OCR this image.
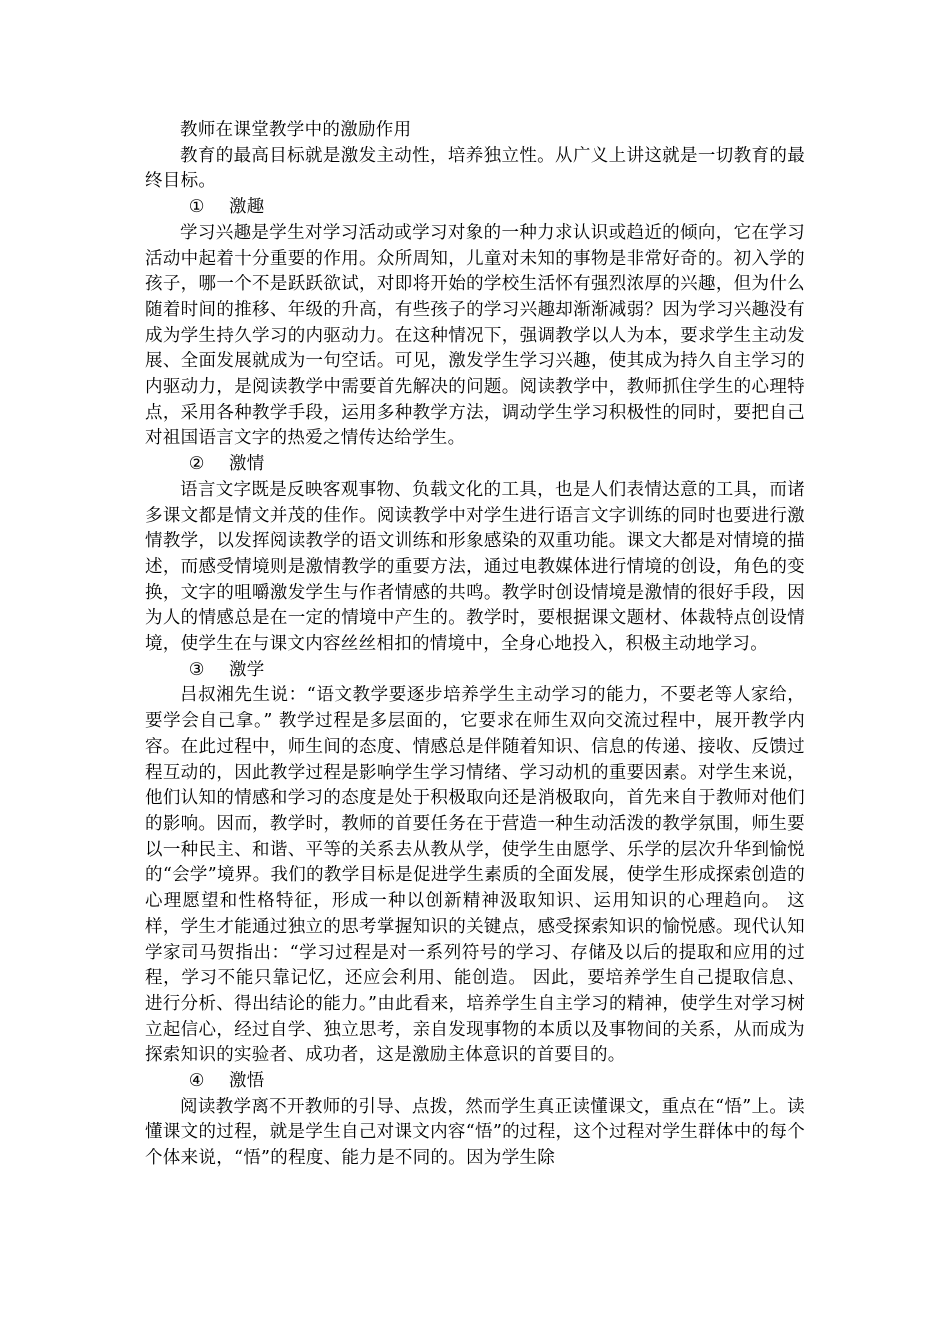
教师在课堂教学中的激励作用

教育的最高目标就是激发主动性，培养独立性。从广义上讲这就是一切教育的最终目标。

① 激趣

学习兴趣是学生对学习活动或学习对象的一种力求认识或趋近的倾向，它在学习活动中起着十分重要的作用。众所周知，儿童对未知的事物是非常好奇的。初入学的孩子，哪一个不是跃跃欲试，对即将开始的学校生活怀有强烈浓厚的兴趣，但为什么随着时间的推移、年级的升高，有些孩子的学习兴趣却渐渐减弱？因为学习兴趣没有成为学生持久学习的内驱动力。在这种情况下，强调教学以人为本，要求学生主动发展、全面发展就成为一句空话。可见，激发学生学习兴趣，使其成为持久自主学习的内驱动力，是阅读教学中需要首先解决的问题。阅读教学中，教师抓住学生的心理特点，采用各种教学手段，运用多种教学方法，调动学生学习积极性的同时，要把自己对祖国语言文字的热爱之情传达给学生。

② 激情

语言文字既是反映客观事物、负载文化的工具，也是人们表情达意的工具，而诸多课文都是情文并茂的佳作。阅读教学中对学生进行语言文字训练的同时也要进行激情教学，以发挥阅读教学的语文训练和形象感染的双重功能。课文大都是对情境的描述，而感受情境则是激情教学的重要方法，通过电教媒体进行情境的创设，角色的变换，文字的咀嚼激发学生与作者情感的共鸣。教学时创设情境是激情的很好手段，因为人的情感总是在一定的情境中产生的。教学时，要根据课文题材、体裁特点创设情境，使学生在与课文内容丝丝相扣的情境中，全身心地投入，积极主动地学习。

③ 激学

吕叔湘先生说：“语文教学要逐步培养学生主动学习的能力，不要老等人家给，要学会自己拿。” 教学过程是多层面的，它要求在师生双向交流过程中，展开教学内容。在此过程中，师生间的态度、情感总是伴随着知识、信息的传递、接收、反馈过程互动的，因此教学过程是影响学生学习情绪、学习动机的重要因素。对学生来说，他们认知的情感和学习的态度是处于积极取向还是消极取向，首先来自于教师对他们的影响。因而，教学时，教师的首要任务在于营造一种生动活泼的教学氛围，师生要以一种民主、和谐、平等的关系去从教从学，使学生由愿学、乐学的层次升华到愉悦的“会学”境界。我们的教学目标是促进学生素质的全面发展，使学生形成探索创造的心理愿望和性格特征，形成一种以创新精神汲取知识、运用知识的心理趋向。 这样，学生才能通过独立的思考掌握知识的关键点，感受探索知识的愉悦感。现代认知学家司马贺指出：“学习过程是对一系列符号的学习、存储及以后的提取和应用的过程，学习不能只靠记忆，还应会利用、能创造。 因此，要培养学生自己提取信息、进行分析、得出结论的能力。”由此看来，培养学生自主学习的精神，使学生对学习树立起信心，经过自学、独立思考，亲自发现事物的本质以及事物间的关系，从而成为探索知识的实验者、成功者，这是激励主体意识的首要目的。

④ 激悟

阅读教学离不开教师的引导、点拨，然而学生真正读懂课文，重点在“悟”上。读懂课文的过程，就是学生自己对课文内容“悟”的过程，这个过程对学生群体中的每个个体来说，“悟”的程度、能力是不同的。因为学生除
